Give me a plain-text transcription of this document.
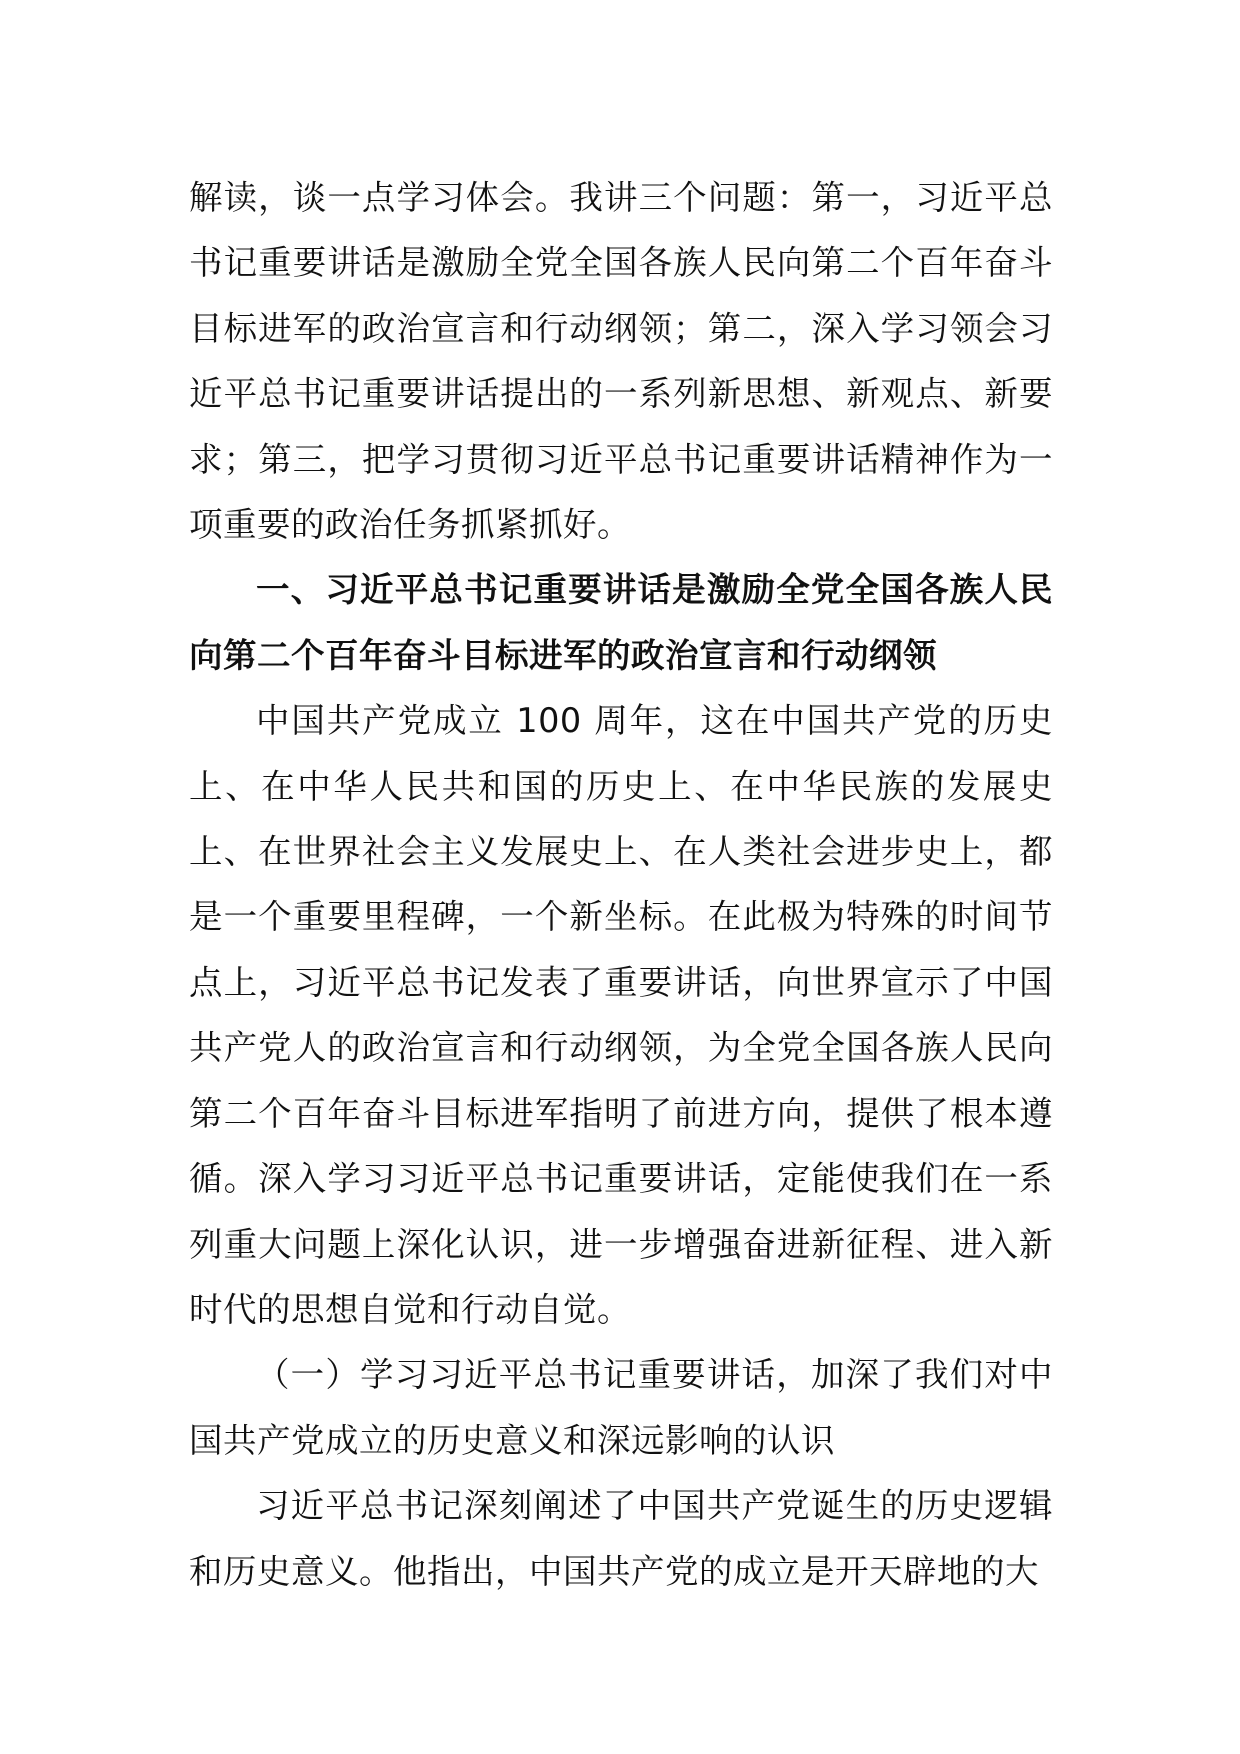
解读，谈一点学习体会。我讲三个问题：第一，习近平总书记重要讲话是激励全党全国各族人民向第二个百年奋斗目标进军的政治宣言和行动纲领；第二，深入学习领会习近平总书记重要讲话提出的一系列新思想、新观点、新要求；第三，把学习贯彻习近平总书记重要讲话精神作为一项重要的政治任务抓紧抓好。

一、习近平总书记重要讲话是激励全党全国各族人民向第二个百年奋斗目标进军的政治宣言和行动纲领

中国共产党成立 100 周年，这在中国共产党的历史上、在中华人民共和国的历史上、在中华民族的发展史上、在世界社会主义发展史上、在人类社会进步史上，都是一个重要里程碑，一个新坐标。在此极为特殊的时间节点上，习近平总书记发表了重要讲话，向世界宣示了中国共产党人的政治宣言和行动纲领，为全党全国各族人民向第二个百年奋斗目标进军指明了前进方向，提供了根本遵循。深入学习习近平总书记重要讲话，定能使我们在一系列重大问题上深化认识，进一步增强奋进新征程、进入新时代的思想自觉和行动自觉。

（一）学习习近平总书记重要讲话，加深了我们对中国共产党成立的历史意义和深远影响的认识

习近平总书记深刻阐述了中国共产党诞生的历史逻辑和历史意义。他指出，中国共产党的成立是开天辟地的大
